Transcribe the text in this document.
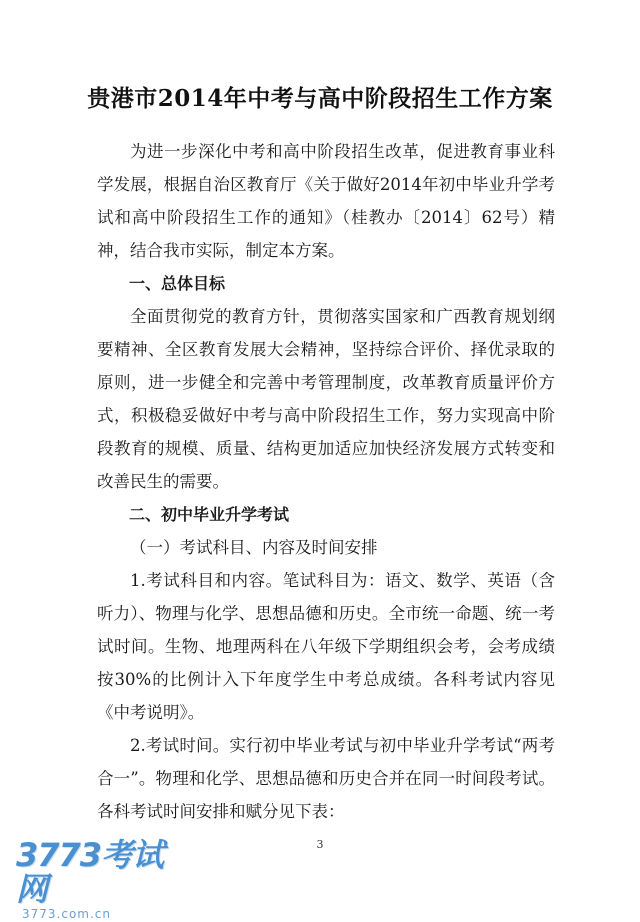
贵港市2014年中考与高中阶段招生工作方案

为进一步深化中考和高中阶段招生改革，促进教育事业科学发展，根据自治区教育厅《关于做好2014年初中毕业升学考试和高中阶段招生工作的通知》（桂教办〔2014〕62号）精神，结合我市实际，制定本方案。

一、总体目标

全面贯彻党的教育方针，贯彻落实国家和广西教育规划纲要精神、全区教育发展大会精神，坚持综合评价、择优录取的原则，进一步健全和完善中考管理制度，改革教育质量评价方式，积极稳妥做好中考与高中阶段招生工作，努力实现高中阶段教育的规模、质量、结构更加适应加快经济发展方式转变和改善民生的需要。

二、初中毕业升学考试

（一）考试科目、内容及时间安排

1.考试科目和内容。笔试科目为：语文、数学、英语（含听力）、物理与化学、思想品德和历史。全市统一命题、统一考试时间。生物、地理两科在八年级下学期组织会考，会考成绩按30%的比例计入下年度学生中考总成绩。各科考试内容见《中考说明》。

2.考试时间。实行初中毕业考试与初中毕业升学考试“两考合一”。物理和化学、思想品德和历史合并在同一时间段考试。各科考试时间安排和赋分见下表：

3
3773考试网
3773.com.cn
